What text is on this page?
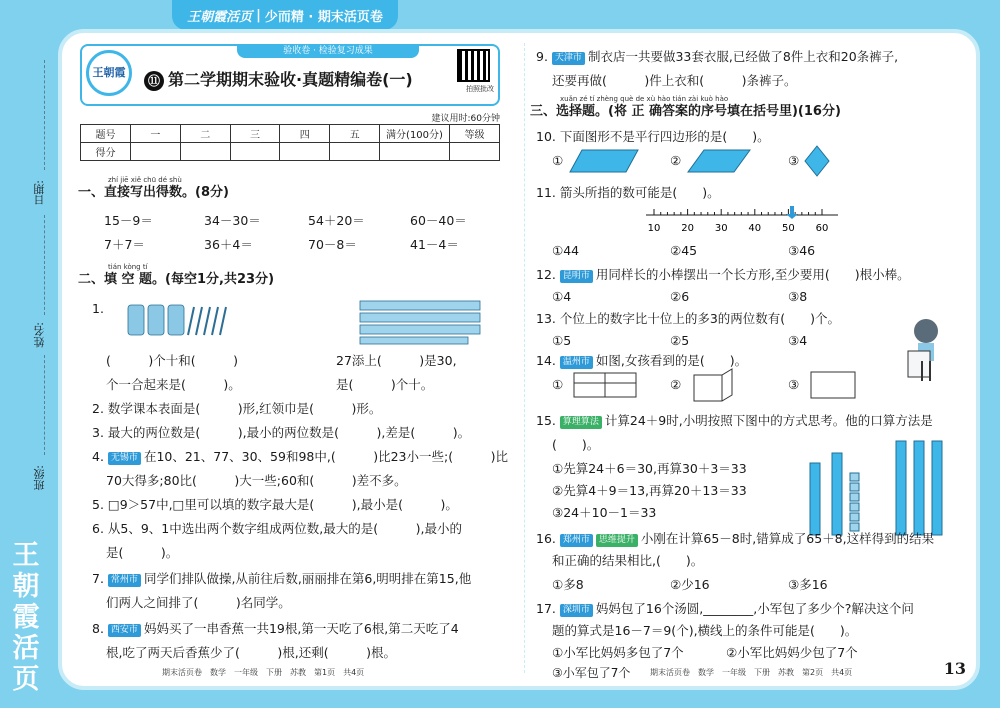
王朝霞活页 | 少而精 · 期末活页卷
日期:
姓名:
班级:
王
朝
霞
活
页
验收卷 · 检验复习成果
王朝霞
⑪ 第二学期期末验收·真题精编卷(一)	拍照批改
建议用时:60分钟
题号	一	二	三	四	五	满分(100分)	等级
得分							
zhí jiē xiě chū dé shù
一、直接写出得数。(8分)
15－9＝	34－30＝	54＋20＝	60－40＝
7＋7＝	36＋4＝	70－8＝	41－4＝
tián kòng tí
二、填 空 题。(每空1分,共23分)
1.
(　　　)个十和(　　　)	27添上(　　　)是30,
个一合起来是(　　　)。	是(　　　)个十。
2. 数学课本表面是(　　　)形,红领巾是(　　　)形。
3. 最大的两位数是(　　　),最小的两位数是(　　　),差是(　　　)。
4. 无锡市 在10、21、77、30、59和98中,(　　　)比23小一些;(　　　)比
70大得多;80比(　　　)大一些;60和(　　　)差不多。
5. □9＞57中,□里可以填的数字最大是(　　　),最小是(　　　)。
6. 从5、9、1中选出两个数字组成两位数,最大的是(　　　),最小的
是(　　　)。
7. 常州市 同学们排队做操,从前往后数,丽丽排在第6,明明排在第15,他
们两人之间排了(　　　)名同学。
8. 西安市 妈妈买了一串香蕉一共19根,第一天吃了6根,第二天吃了4
根,吃了两天后香蕉少了(　　　)根,还剩(　　　)根。
期末活页卷　数学　一年级　下册　苏教　第1页　共4页
9. 天津市 制衣店一共要做33套衣服,已经做了8件上衣和20条裤子,
还要再做(　　　)件上衣和(　　　)条裤子。
xuǎn zé tí zhèng què de xù hào tián zài kuò hào
三、选择题。(将 正 确答案的序号填在括号里)(16分)
10. 下面图形不是平行四边形的是(　　)。
①	②	③
11. 箭头所指的数可能是(　　)。
10 20 30 40 50 60
①44	②45	③46
12. 昆明市 用同样长的小棒摆出一个长方形,至少要用(　　)根小棒。
①4	②6	③8
13. 个位上的数字比十位上的多3的两位数有(　　)个。
①5	②5	③4
14. 温州市 如图,女孩看到的是(　　)。
①	②	③
15. 算理算法 计算24＋9时,小明按照下图中的方式思考。他的口算方法是
(　　)。
①先算24＋6＝30,再算30＋3＝33
②先算4＋9＝13,再算20＋13＝33
③24＋10－1＝33
16. 郑州市 思维提升 小刚在计算65－8时,错算成了65＋8,这样得到的结果
和正确的结果相比,(　　)。
①多8	②少16	③多16
17. 深圳市 妈妈包了16个汤圆,________,小军包了多少个?解决这个问
题的算式是16－7＝9(个),横线上的条件可能是(　　)。
①小军比妈妈多包了7个	②小军比妈妈少包了7个
③小军包了7个 期末活页卷　数学　一年级　下册　苏教　第2页　共4页	13
